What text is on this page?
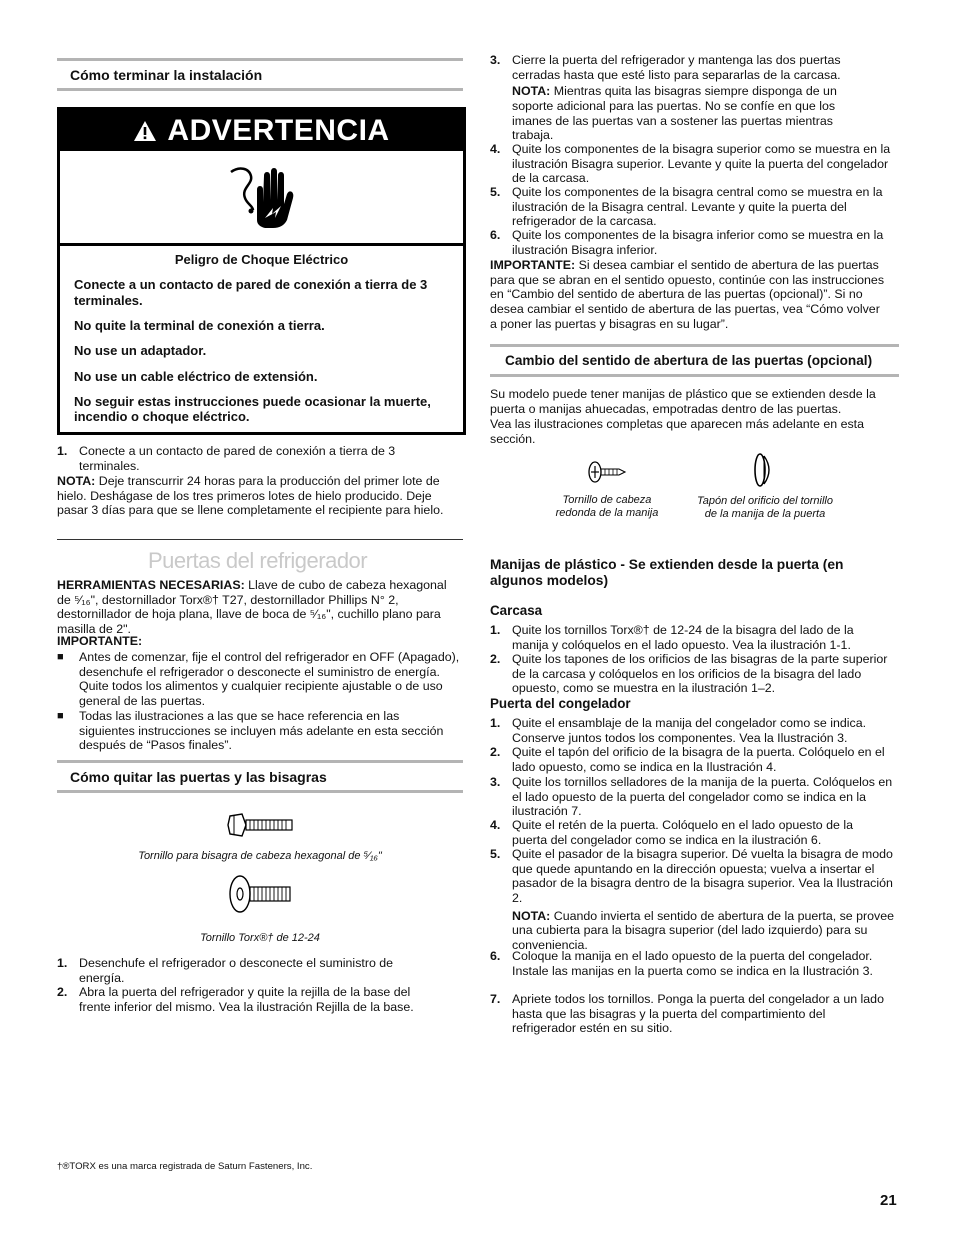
Cómo terminar la instalación
ADVERTENCIA

Peligro de Choque Eléctrico

Conecte a un contacto de pared de conexión a tierra de 3 terminales.

No quite la terminal de conexión a tierra.

No use un adaptador.

No use un cable eléctrico de extensión.

No seguir estas instrucciones puede ocasionar la muerte, incendio o choque eléctrico.

1. Conecte a un contacto de pared de conexión a tierra de 3 terminales.
NOTA: Deje transcurrir 24 horas para la producción del primer lote de hielo. Deshágase de los tres primeros lotes de hielo producido. Deje pasar 3 días para que se llene completamente el recipiente para hielo.
Puertas del refrigerador
HERRAMIENTAS NECESARIAS: Llave de cubo de cabeza hexagonal de ⁵⁄₁₆", destornillador Torx®† T27, destornillador Phillips N° 2, destornillador de hoja plana, llave de boca de ⁵⁄₁₆", cuchillo plano para masilla de 2".
IMPORTANTE:
■	Antes de comenzar, fije el control del refrigerador en OFF (Apagado), desenchufe el refrigerador o desconecte el suministro de energía. Quite todos los alimentos y cualquier recipiente ajustable o de uso general de las puertas.
■	Todas las ilustraciones a las que se hace referencia en las siguientes instrucciones se incluyen más adelante en esta sección después de “Pasos finales”.
Cómo quitar las puertas y las bisagras
Tornillo para bisagra de cabeza hexagonal de ⁵⁄₁₆"
Tornillo Torx®† de 12-24
1. Desenchufe el refrigerador o desconecte el suministro de energía.
2. Abra la puerta del refrigerador y quite la rejilla de la base del frente inferior del mismo. Vea la ilustración Rejilla de la base.
†®TORX es una marca registrada de Saturn Fasteners, Inc.
3. Cierre la puerta del refrigerador y mantenga las dos puertas cerradas hasta que esté listo para separarlas de la carcasa.

NOTA: Mientras quita las bisagras siempre disponga de un soporte adicional para las puertas. No se confíe en que los imanes de las puertas van a sostener las puertas mientras trabaja.
4. Quite los componentes de la bisagra superior como se muestra en la ilustración Bisagra superior. Levante y quite la puerta del congelador de la carcasa.
5. Quite los componentes de la bisagra central como se muestra en la ilustración de la Bisagra central. Levante y quite la puerta del refrigerador de la carcasa.
6. Quite los componentes de la bisagra inferior como se muestra en la ilustración Bisagra inferior.
IMPORTANTE: Si desea cambiar el sentido de abertura de las puertas para que se abran en el sentido opuesto, continúe con las instrucciones en “Cambio del sentido de abertura de las puertas (opcional)”. Si no desea cambiar el sentido de abertura de las puertas, vea “Cómo volver a poner las puertas y bisagras en su lugar”.
Cambio del sentido de abertura de las puertas (opcional)
Su modelo puede tener manijas de plástico que se extienden desde la puerta o manijas ahuecadas, empotradas dentro de las puertas.
Vea las ilustraciones completas que aparecen más adelante en esta sección.
Tornillo de cabeza redonda de la manija
Tapón del orificio del tornillo de la manija de la puerta
Manijas de plástico - Se extienden desde la puerta (en algunos modelos)
Carcasa
1. Quite los tornillos Torx®† de 12-24 de la bisagra del lado de la manija y colóquelos en el lado opuesto. Vea la ilustración 1-1.
2. Quite los tapones de los orificios de las bisagras de la parte superior de la carcasa y colóquelos en los orificios de la bisagra del lado opuesto, como se muestra en la ilustración 1–2.
Puerta del congelador
1. Quite el ensamblaje de la manija del congelador como se indica. Conserve juntos todos los componentes. Vea la Ilustración 3.
2. Quite el tapón del orificio de la bisagra de la puerta. Colóquelo en el lado opuesto, como se indica en la Ilustración 4.
3. Quite los tornillos selladores de la manija de la puerta. Colóquelos en el lado opuesto de la puerta del congelador como se indica en la ilustración 7.
4. Quite el retén de la puerta. Colóquelo en el lado opuesto de la puerta del congelador como se indica en la ilustración 6.
5. Quite el pasador de la bisagra superior. Dé vuelta la bisagra de modo que quede apuntando en la dirección opuesta; vuelva a insertar el pasador de la bisagra dentro de la bisagra superior. Vea la Ilustración 2.
NOTA: Cuando invierta el sentido de abertura de la puerta, se provee una cubierta para la bisagra superior (del lado izquierdo) para su conveniencia.
6. Coloque la manija en el lado opuesto de la puerta del congelador. Instale las manijas en la puerta como se indica en la Ilustración 3.
7. Apriete todos los tornillos. Ponga la puerta del congelador a un lado hasta que las bisagras y la puerta del compartimiento del refrigerador estén en su sitio.
21
